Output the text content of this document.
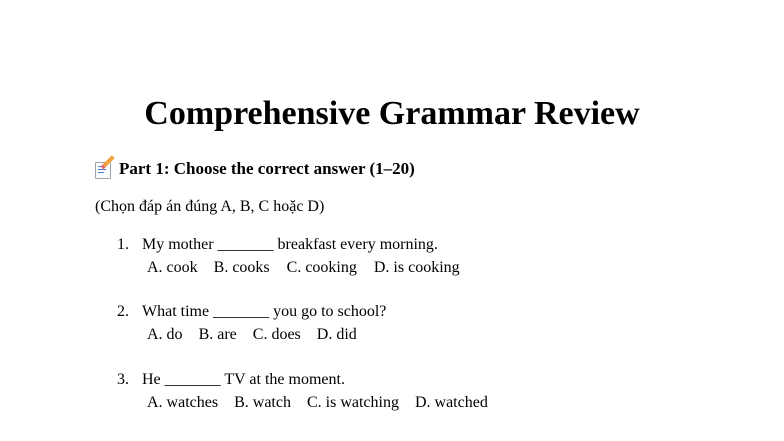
Comprehensive Grammar Review
Part 1: Choose the correct answer (1–20)

(Chọn đáp án đúng A, B, C hoặc D)

1. My mother _______ breakfast every morning.
A. cook B. cooks C. cooking D. is cooking
2. What time _______ you go to school?
A. do B. are C. does D. did
3. He _______ TV at the moment.
A. watches B. watch C. is watching D. watched
